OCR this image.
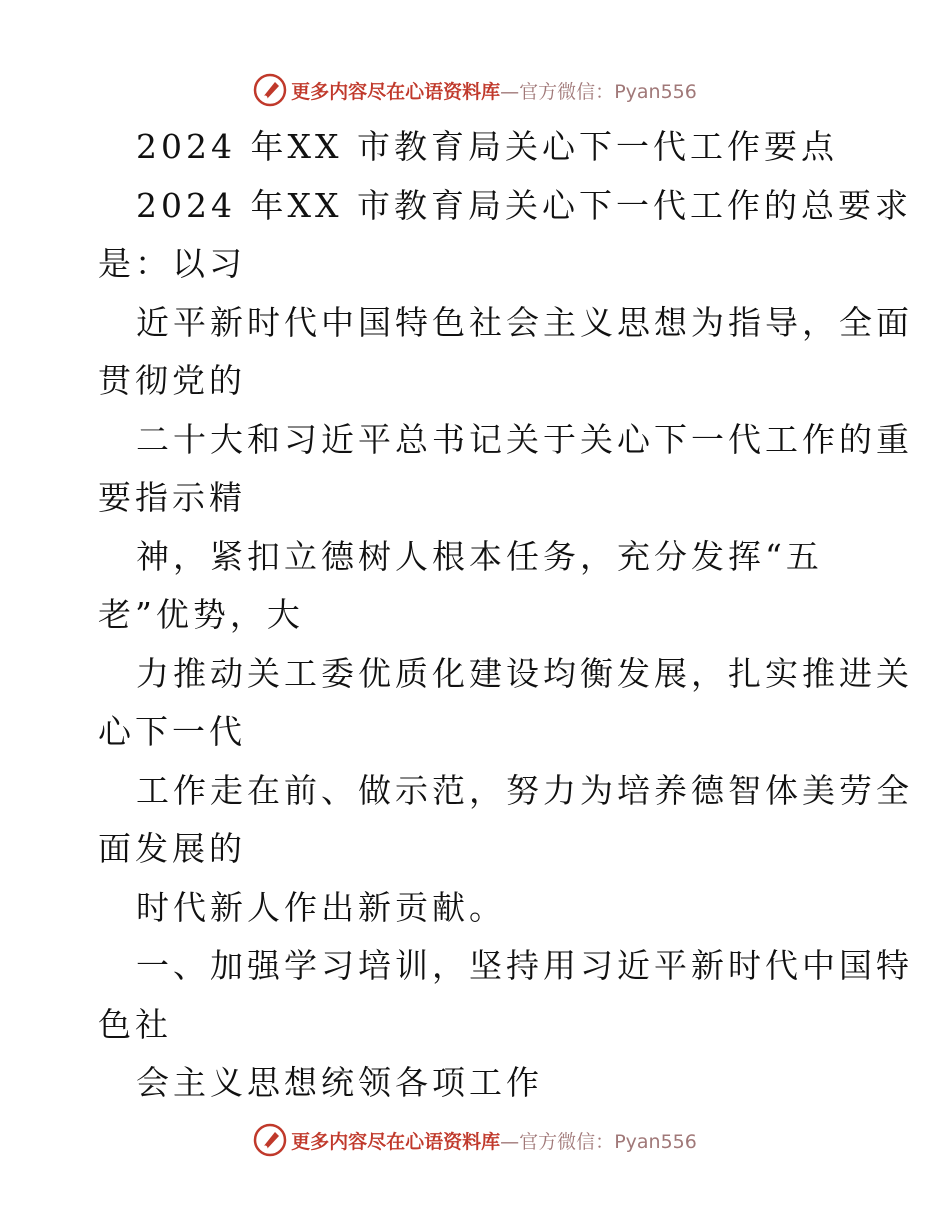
更多内容尽在心语资料库—官方微信：Pyan556
2024 年XX 市教育局关心下一代工作要点
2024 年XX 市教育局关心下一代工作的总要求
是：以习
近平新时代中国特色社会主义思想为指导，全面
贯彻党的
二十大和习近平总书记关于关心下一代工作的重
要指示精
神，紧扣立德树人根本任务，充分发挥“五
老”优势，大
力推动关工委优质化建设均衡发展，扎实推进关
心下一代
工作走在前、做示范，努力为培养德智体美劳全
面发展的
时代新人作出新贡献。
一、加强学习培训，坚持用习近平新时代中国特
色社
会主义思想统领各项工作
更多内容尽在心语资料库—官方微信：Pyan556
